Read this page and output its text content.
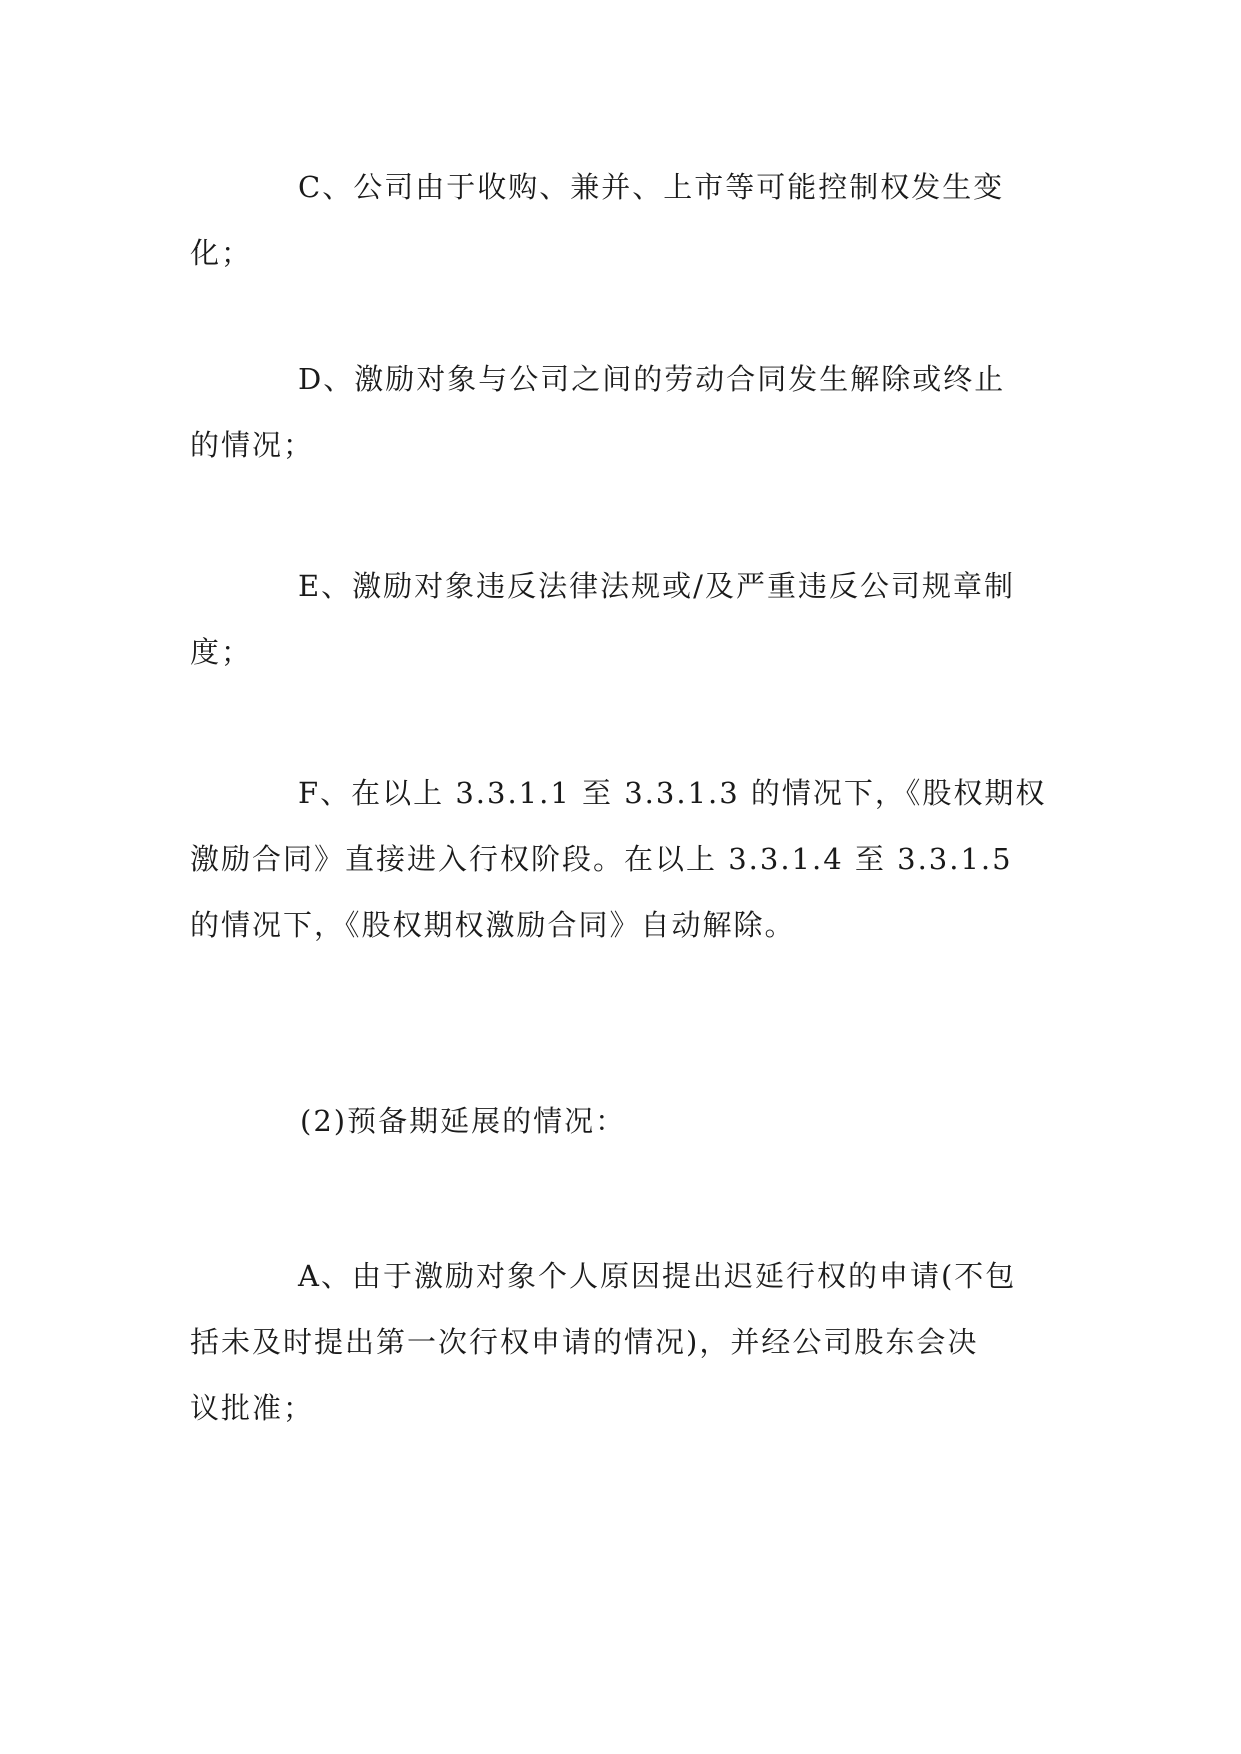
C、公司由于收购、兼并、上市等可能控制权发生变
化；

D、激励对象与公司之间的劳动合同发生解除或终止
的情况；

E、激励对象违反法律法规或/及严重违反公司规章制
度；

F、在以上 3.3.1.1 至 3.3.1.3 的情况下，《股权期权
激励合同》直接进入行权阶段。在以上 3.3.1.4 至 3.3.1.5
的情况下，《股权期权激励合同》自动解除。

(2)预备期延展的情况：

A、由于激励对象个人原因提出迟延行权的申请(不包
括未及时提出第一次行权申请的情况)，并经公司股东会决
议批准；
